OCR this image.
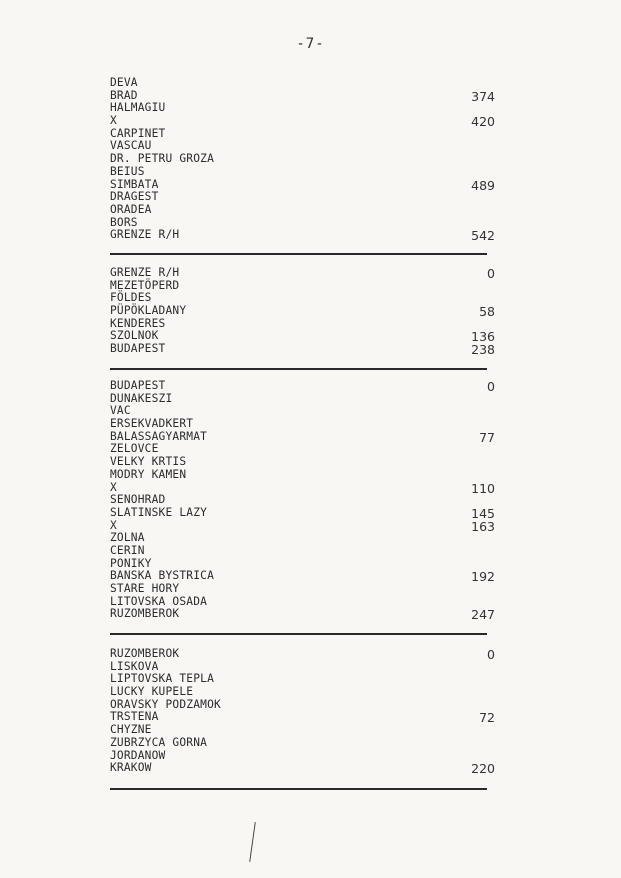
-7-
DEVA
BRAD	374
HALMAGIU
X	420
CARPINET
VASCAU
DR. PETRU GROZA
BEIUS
SIMBATA	489
DRAGEST
ORADEA
BORS
GRENZE R/H	542
GRENZE R/H	0
MEZETÖPERD
FÖLDES
PÜPÖKLADANY	58
KENDERES
SZOLNOK	136
BUDAPEST	238
BUDAPEST	0
DUNAKESZI
VAC
ERSEKVADKERT
BALASSAGYARMAT	77
ZELOVCE
VELKY KRTIS
MODRY KAMEN
X	110
SENOHRAD
SLATINSKE LAZY	145
X	163
ZOLNA
CERIN
PONIKY
BANSKA BYSTRICA	192
STARE HORY
LITOVSKA OSADA
RUZOMBEROK	247
RUZOMBEROK	0
LISKOVA
LIPTOVSKA TEPLA
LUCKY KUPELE
ORAVSKY PODZAMOK
TRSTENA	72
CHYZNE
ZUBRZYCA GORNA
JORDANOW
KRAKOW	220
